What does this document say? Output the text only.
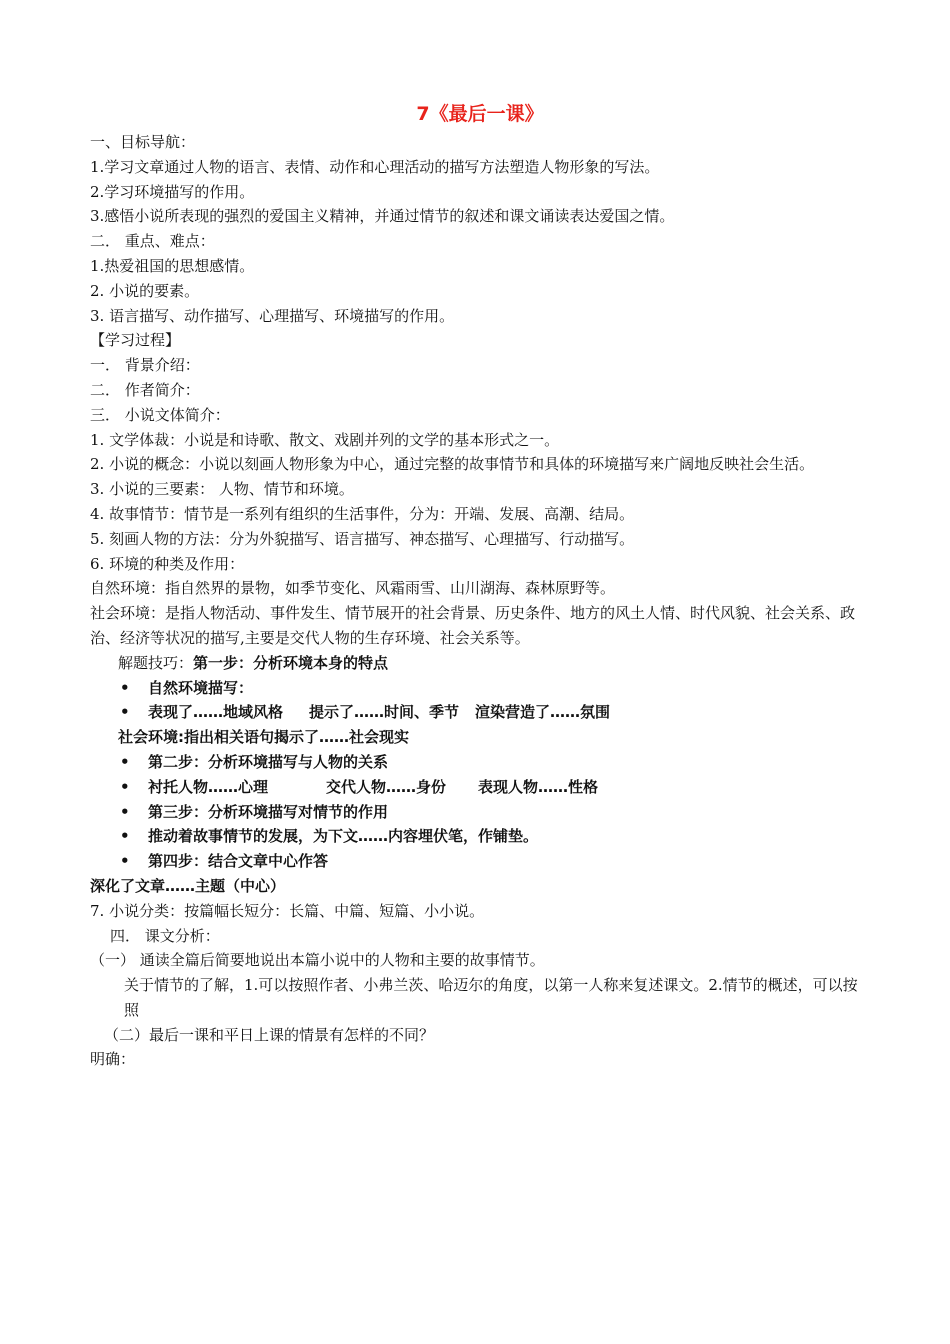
7《最后一课》
一、目标导航：
1.学习文章通过人物的语言、表情、动作和心理活动的描写方法塑造人物形象的写法。
2.学习环境描写的作用。
3.感悟小说所表现的强烈的爱国主义精神，并通过情节的叙述和课文诵读表达爱国之情。
二． 重点、难点：
1.热爱祖国的思想感情。
2. 小说的要素。
3. 语言描写、动作描写、心理描写、环境描写的作用。
【学习过程】
一． 背景介绍：
二． 作者简介：
三． 小说文体简介：
1. 文学体裁：小说是和诗歌、散文、戏剧并列的文学的基本形式之一。
2. 小说的概念：小说以刻画人物形象为中心，通过完整的故事情节和具体的环境描写来广阔地反映社会生活。
3. 小说的三要素： 人物、情节和环境。
4. 故事情节：情节是一系列有组织的生活事件，分为：开端、发展、高潮、结局。
5. 刻画人物的方法：分为外貌描写、语言描写、神态描写、心理描写、行动描写。
6. 环境的种类及作用：
自然环境：指自然界的景物，如季节变化、风霜雨雪、山川湖海、森林原野等。
社会环境：是指人物活动、事件发生、情节展开的社会背景、历史条件、地方的风土人情、时代风貌、社会关系、政治、经济等状况的描写,主要是交代人物的生存环境、社会关系等。
解题技巧：第一步：分析环境本身的特点
•	自然环境描写：
•	表现了……地域风格 提示了……时间、季节 渲染营造了……氛围
社会环境:指出相关语句揭示了……社会现实
•	第二步：分析环境描写与人物的关系
•	衬托人物……心理	交代人物……身份 表现人物……性格
•	第三步：分析环境描写对情节的作用
•	推动着故事情节的发展，为下文……内容埋伏笔，作铺垫。
•	第四步：结合文章中心作答
深化了文章……主题（中心）
7. 小说分类：按篇幅长短分：长篇、中篇、短篇、小小说。
四． 课文分析：
（一） 通读全篇后简要地说出本篇小说中的人物和主要的故事情节。
关于情节的了解，1.可以按照作者、小弗兰茨、哈迈尔的角度，以第一人称来复述课文。2.情节的概述，可以按照
（二）最后一课和平日上课的情景有怎样的不同？
明确：
